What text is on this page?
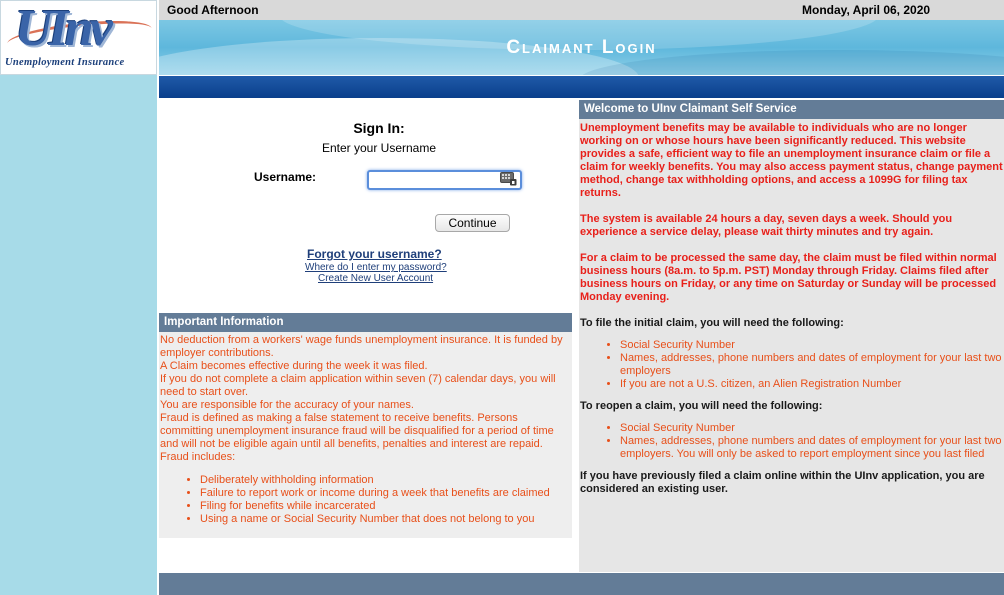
UInv
Unemployment Insurance
Good Afternoon	Monday, April 06, 2020
Claimant Login
Sign In:
Enter your Username
Username:
Continue
Forgot your username?
Where do I enter my password?
Create New User Account
Important Information

No deduction from a workers' wage funds unemployment insurance. It is funded by employer contributions.

A Claim becomes effective during the week it was filed.

If you do not complete a claim application within seven (7) calendar days, you will need to start over.

You are responsible for the accuracy of your names.

Fraud is defined as making a false statement to receive benefits. Persons committing unemployment insurance fraud will be disqualified for a period of time and will not be eligible again until all benefits, penalties and interest are repaid.

Fraud includes:

• Deliberately withholding information
• Failure to report work or income during a week that benefits are claimed
• Filing for benefits while incarcerated
• Using a name or Social Security Number that does not belong to you
Welcome to UInv Claimant Self Service

Unemployment benefits may be available to individuals who are no longer working on or whose hours have been significantly reduced. This website provides a safe, efficient way to file an unemployment insurance claim or file a claim for weekly benefits. You may also access payment status, change payment method, change tax withholding options, and access a 1099G for filing tax returns.

The system is available 24 hours a day, seven days a week. Should you experience a service delay, please wait thirty minutes and try again.

For a claim to be processed the same day, the claim must be filed within normal business hours (8a.m. to 5p.m. PST) Monday through Friday. Claims filed after business hours on Friday, or any time on Saturday or Sunday will be processed Monday evening.

To file the initial claim, you will need the following:

• Social Security Number
• Names, addresses, phone numbers and dates of employment for your last two employers
• If you are not a U.S. citizen, an Alien Registration Number

To reopen a claim, you will need the following:

• Social Security Number
• Names, addresses, phone numbers and dates of employment for your last two employers. You will only be asked to report employment since you last filed

If you have previously filed a claim online within the UInv application, you are considered an existing user.
